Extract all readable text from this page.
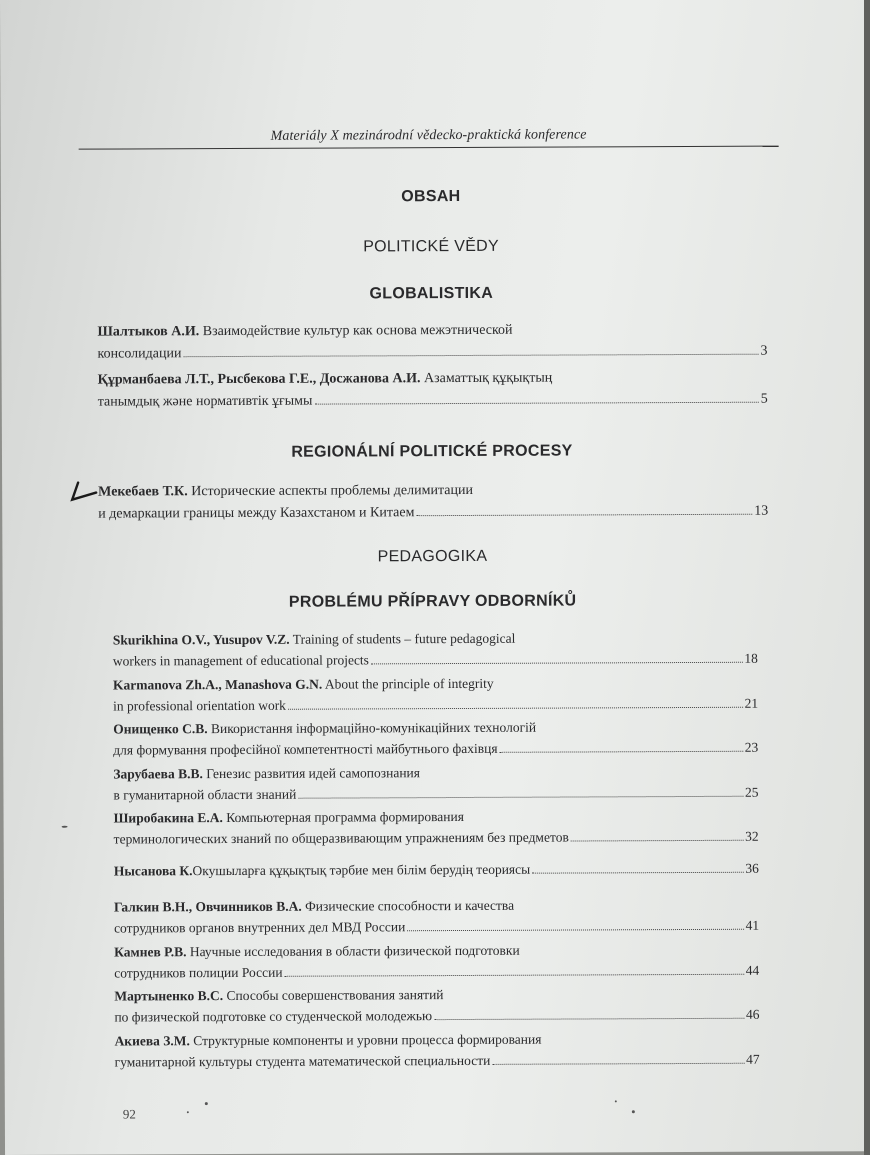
Materiály X mezinárodní vědecko-praktická konference
OBSAH
POLITICKÉ VĚDY
GLOBALISTIKA
Шалтыков А.И. Взаимодействие культур как основа межэтнической
консолидации	3
Құрманбаева Л.Т., Рысбекова Г.Е., Досжанова А.И. Азаматтық құқықтың
танымдық және нормативтік ұғымы	5
REGIONÁLNÍ POLITICKÉ PROCESY
Мекебаев Т.К. Исторические аспекты проблемы делимитации
и демаркации границы между Казахстаном и Китаем	13
PEDAGOGIKA
PROBLÉMU PŘÍPRAVY ODBORNÍKŮ
Skurikhina O.V., Yusupov V.Z. Training of students – future pedagogical
workers in management of educational projects	18
Karmanova Zh.A., Manashova G.N. About the principle of integrity
in professional orientation work	21
Онищенко С.В. Використання інформаційно-комунікаційних технологій
для формування професійної компетентності майбутнього фахівця	23
Зарубаева В.В. Генезис развития идей самопознания
в гуманитарной области знаний	25
Широбакина Е.А. Компьютерная программа формирования
терминологических знаний по общеразвивающим упражнениям без предметов	32
Нысанова К. Окушыларға құқықтық тәрбие мен білім берудің теориясы	36
Галкин В.Н., Овчинников В.А. Физические способности и качества
сотрудников органов внутренних дел МВД России	41
Камнев Р.В. Научные исследования в области физической подготовки
сотрудников полиции России	44
Мартыненко В.С. Способы совершенствования занятий
по физической подготовке со студенческой молодежью	46
Акиева З.М. Структурные компоненты и уровни процесса формирования
гуманитарной культуры студента математической специальности	47
92
